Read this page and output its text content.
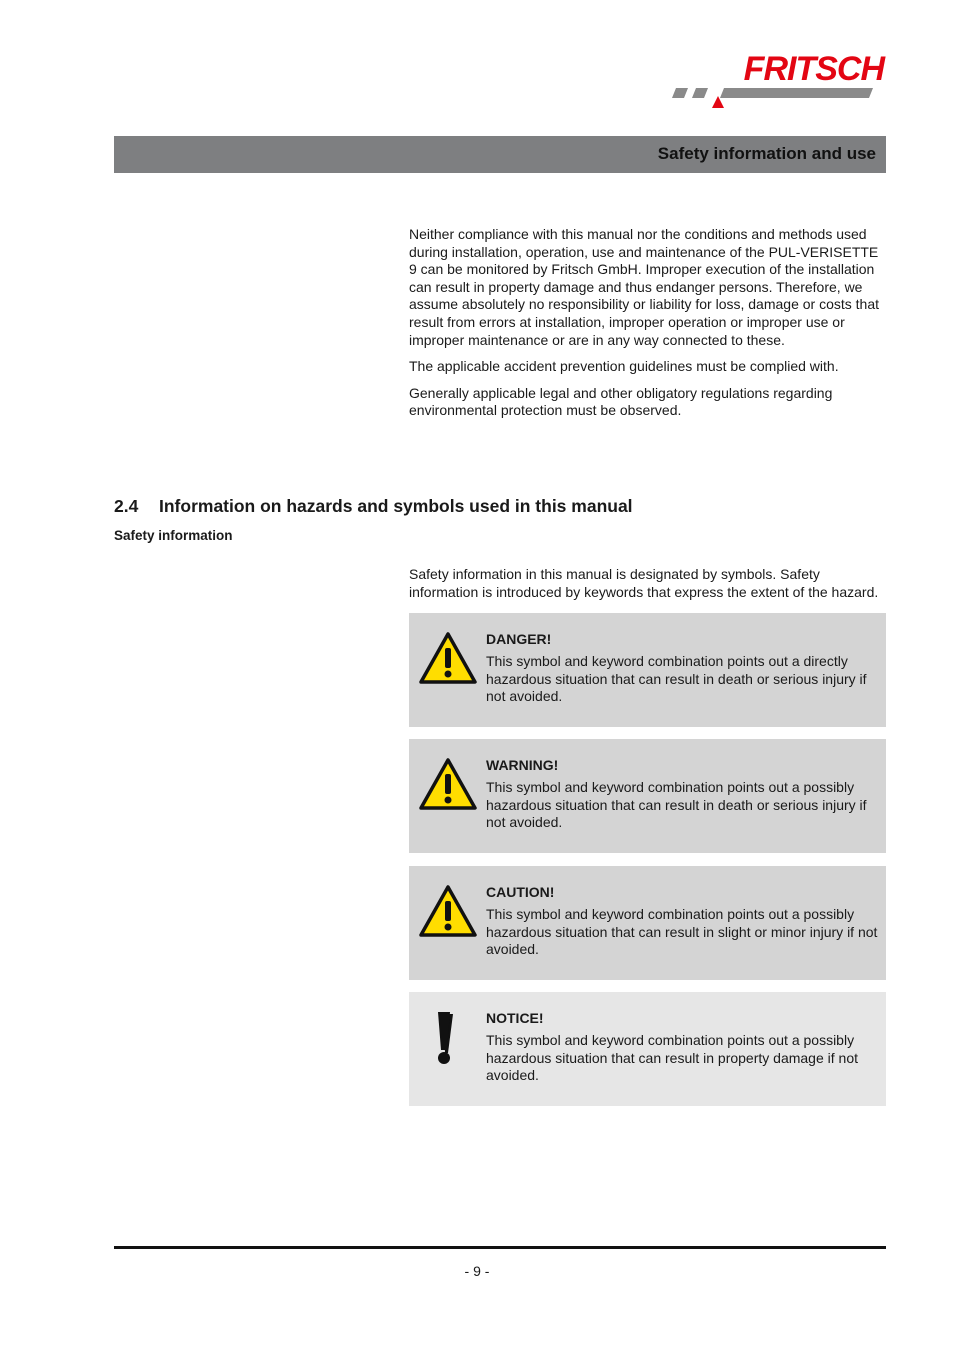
FRITSCH
Safety information and use

Neither compliance with this manual nor the conditions and methods used during installation, operation, use and maintenance of the PUL-VERISETTE 9 can be monitored by Fritsch GmbH. Improper execution of the installation can result in property damage and thus endanger persons. Therefore, we assume absolutely no responsibility or liability for loss, damage or costs that result from errors at installation, improper operation or improper use or improper maintenance or are in any way connected to these.

The applicable accident prevention guidelines must be complied with.

Generally applicable legal and other obligatory regulations regarding environmental protection must be observed.

2.4 Information on hazards and symbols used in this manual
Safety information

Safety information in this manual is designated by symbols. Safety information is introduced by keywords that express the extent of the hazard.

DANGER!
This symbol and keyword combination points out a directly hazardous situation that can result in death or serious injury if not avoided.
WARNING!
This symbol and keyword combination points out a possibly hazardous situation that can result in death or serious injury if not avoided.
CAUTION!
This symbol and keyword combination points out a possibly hazardous situation that can result in slight or minor injury if not avoided.
NOTICE!
This symbol and keyword combination points out a possibly hazardous situation that can result in property damage if not avoided.
- 9 -
